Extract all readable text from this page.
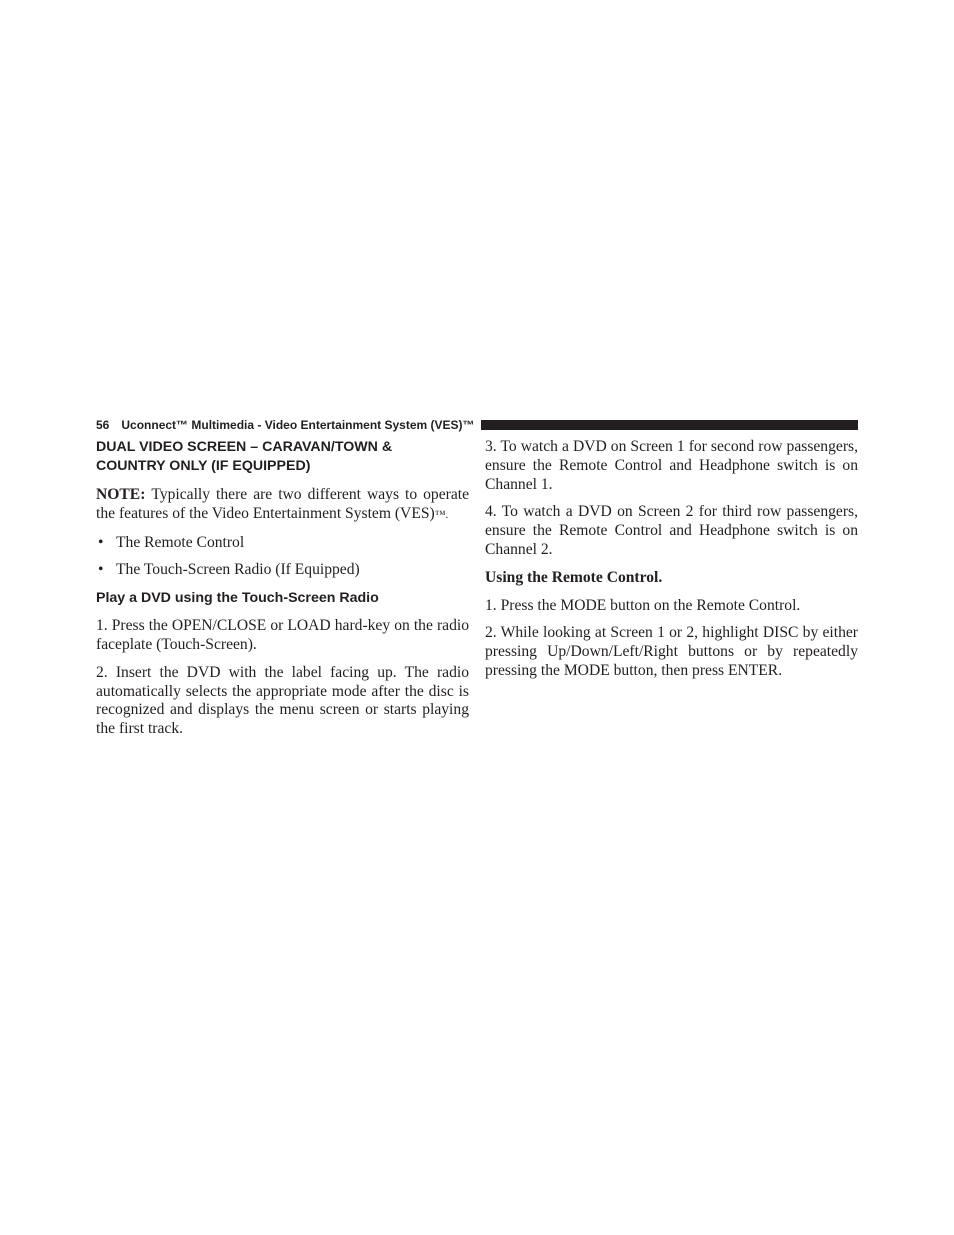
56 Uconnect™ Multimedia - Video Entertainment System (VES)™
DUAL VIDEO SCREEN – CARAVAN/TOWN &
COUNTRY ONLY (IF EQUIPPED)

NOTE: Typically there are two different ways to operate the features of the Video Entertainment System (VES)™.

• The Remote Control
• The Touch-Screen Radio (If Equipped)
Play a DVD using the Touch-Screen Radio

1. Press the OPEN/CLOSE or LOAD hard-key on the radio faceplate (Touch-Screen).

2. Insert the DVD with the label facing up. The radio automatically selects the appropriate mode after the disc is recognized and displays the menu screen or starts playing the first track.

3. To watch a DVD on Screen 1 for second row passengers, ensure the Remote Control and Headphone switch is on Channel 1.

4. To watch a DVD on Screen 2 for third row passengers, ensure the Remote Control and Headphone switch is on Channel 2.

Using the Remote Control.

1. Press the MODE button on the Remote Control.

2. While looking at Screen 1 or 2, highlight DISC by either pressing Up/Down/Left/Right buttons or by repeatedly pressing the MODE button, then press ENTER.
